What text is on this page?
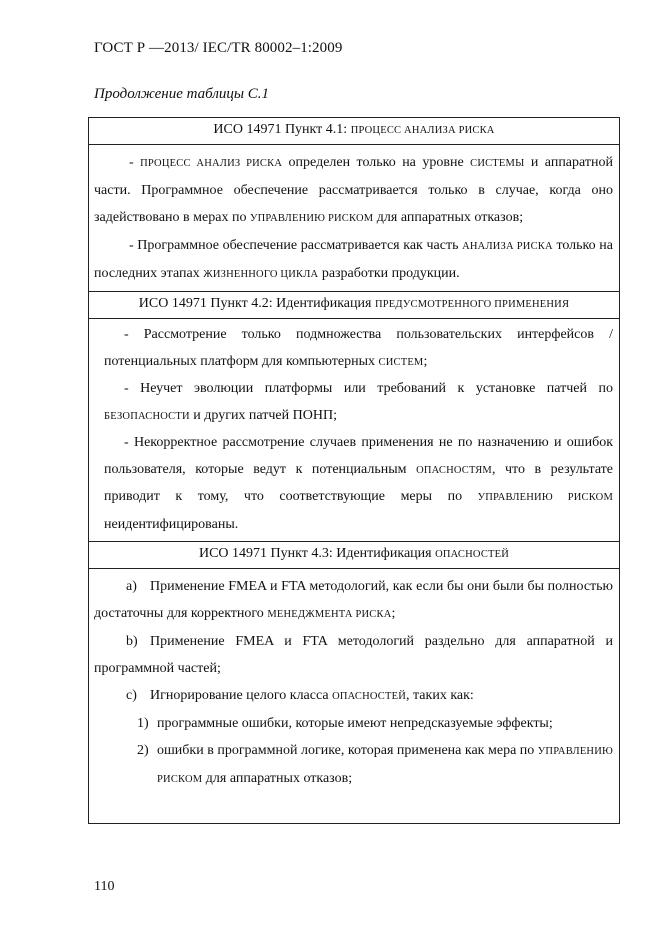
ГОСТ Р —2013/ IEC/TR 80002–1:2009
Продолжение таблицы С.1
ИСО 14971 Пункт 4.1: ПРОЦЕСС АНАЛИЗА РИСКА

- ПРОЦЕСС АНАЛИЗ РИСКА определен только на уровне СИСТЕМЫ и аппаратной части. Программное обеспечение рассматривается только в случае, когда оно задействовано в мерах по УПРАВЛЕНИЮ РИСКОМ для аппаратных отказов;

- Программное обеспечение рассматривается как часть АНАЛИЗА РИСКА только на последних этапах ЖИЗНЕННОГО ЦИКЛА разработки продукции.

ИСО 14971 Пункт 4.2: Идентификация ПРЕДУСМОТРЕННОГО ПРИМЕНЕНИЯ

- Рассмотрение только подмножества пользовательских интерфейсов / потенциальных платформ для компьютерных СИСТЕМ;

- Неучет эволюции платформы или требований к установке патчей по БЕЗОПАСНОСТИ и других патчей ПОНП;

- Некорректное рассмотрение случаев применения не по назначению и ошибок пользователя, которые ведут к потенциальным ОПАСНОСТЯМ, что в результате приводит к тому, что соответствующие меры по УПРАВЛЕНИЮ РИСКОМ неидентифицированы.

ИСО 14971 Пункт 4.3: Идентификация ОПАСНОСТЕЙ

a) Применение FMEA и FTA методологий, как если бы они были бы полностью достаточны для корректного МЕНЕДЖМЕНТА РИСКА;

b) Применение FMEA и FTA методологий раздельно для аппаратной и программной частей;

c) Игнорирование целого класса ОПАСНОСТЕЙ, таких как:

1) программные ошибки, которые имеют непредсказуемые эффекты;

2) ошибки в программной логике, которая применена как мера по УПРАВЛЕНИЮ РИСКОМ для аппаратных отказов;

110
